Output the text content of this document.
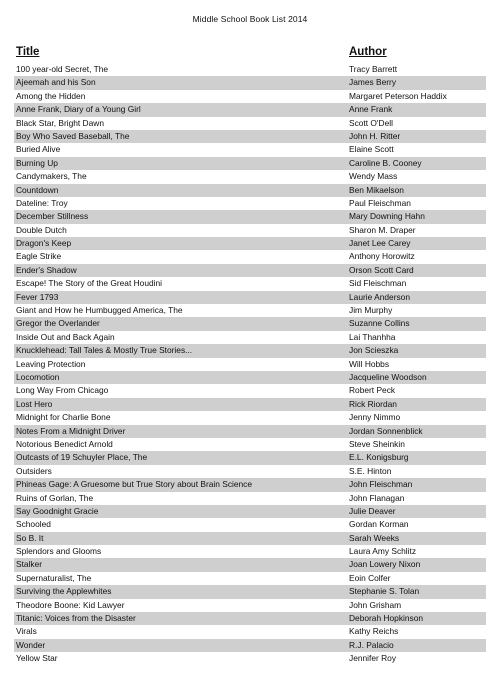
Middle School Book List 2014
Title	Author
100 year-old Secret, The	Tracy Barrett
Ajeemah and his Son	James Berry
Among the Hidden	Margaret Peterson Haddix
Anne Frank, Diary of a Young Girl	Anne Frank
Black Star, Bright Dawn	Scott O'Dell
Boy Who Saved Baseball, The	John H. Ritter
Buried Alive	Elaine Scott
Burning Up	Caroline B. Cooney
Candymakers, The	Wendy Mass
Countdown	Ben Mikaelson
Dateline: Troy	Paul Fleischman
December Stillness	Mary Downing Hahn
Double Dutch	Sharon M. Draper
Dragon's Keep	Janet Lee Carey
Eagle Strike	Anthony Horowitz
Ender's Shadow	Orson Scott Card
Escape! The Story of the Great Houdini	Sid Fleischman
Fever 1793	Laurie Anderson
Giant and How he Humbugged America, The	Jim Murphy
Gregor the Overlander	Suzanne Collins
Inside Out and Back Again	Lai Thanhha
Knucklehead: Tall Tales & Mostly True Stories...	Jon Scieszka
Leaving Protection	Will Hobbs
Locomotion	Jacqueline Woodson
Long Way From Chicago	Robert Peck
Lost Hero	Rick Riordan
Midnight for Charlie Bone	Jenny Nimmo
Notes From a Midnight Driver	Jordan Sonnenblick
Notorious Benedict Arnold	Steve Sheinkin
Outcasts of 19 Schuyler Place, The	E.L. Konigsburg
Outsiders	S.E. Hinton
Phineas Gage: A Gruesome but True Story about Brain Science	John Fleischman
Ruins of Gorlan, The	John Flanagan
Say Goodnight Gracie	Julie Deaver
Schooled	Gordan Korman
So B. It	Sarah Weeks
Splendors and Glooms	Laura Amy Schlitz
Stalker	Joan Lowery Nixon
Supernaturalist, The	Eoin Colfer
Surviving the Applewhites	Stephanie S. Tolan
Theodore Boone: Kid Lawyer	John Grisham
Titanic: Voices from the Disaster	Deborah Hopkinson
Virals	Kathy Reichs
Wonder	R.J. Palacio
Yellow Star	Jennifer Roy
